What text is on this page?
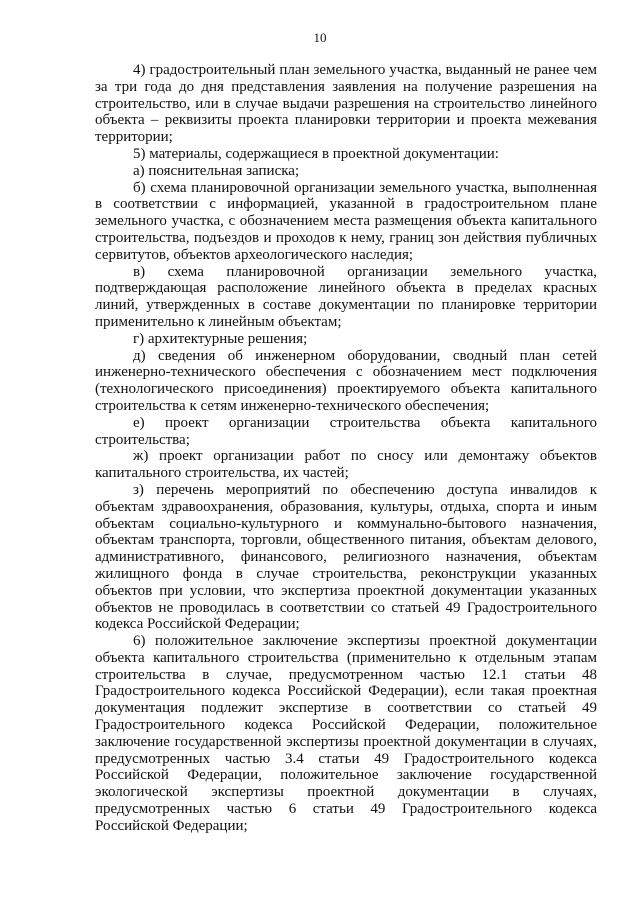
10

4) градостроительный план земельного участка, выданный не ранее чем за три года до дня представления заявления на получение разрешения на строительство, или в случае выдачи разрешения на строительство линейного объекта – реквизиты проекта планировки территории и проекта межевания территории;

5) материалы, содержащиеся в проектной документации:

а) пояснительная записка;

б) схема планировочной организации земельного участка, выполненная в соответствии с информацией, указанной в градостроительном плане земельного участка, с обозначением места размещения объекта капитального строительства, подъездов и проходов к нему, границ зон действия публичных сервитутов, объектов археологического наследия;

в) схема планировочной организации земельного участка, подтверждающая расположение линейного объекта в пределах красных линий, утвержденных в составе документации по планировке территории применительно к линейным объектам;

г) архитектурные решения;

д) сведения об инженерном оборудовании, сводный план сетей инженерно-технического обеспечения с обозначением мест подключения (технологического присоединения) проектируемого объекта капитального строительства к сетям инженерно-технического обеспечения;

е) проект организации строительства объекта капитального строительства;

ж) проект организации работ по сносу или демонтажу объектов капитального строительства, их частей;

з) перечень мероприятий по обеспечению доступа инвалидов к объектам здравоохранения, образования, культуры, отдыха, спорта и иным объектам социально-культурного и коммунально-бытового назначения, объектам транспорта, торговли, общественного питания, объектам делового, административного, финансового, религиозного назначения, объектам жилищного фонда в случае строительства, реконструкции указанных объектов при условии, что экспертиза проектной документации указанных объектов не проводилась в соответствии со статьей 49 Градостроительного кодекса Российской Федерации;

6) положительное заключение экспертизы проектной документации объекта капитального строительства (применительно к отдельным этапам строительства в случае, предусмотренном частью 12.1 статьи 48 Градостроительного кодекса Российской Федерации), если такая проектная документация подлежит экспертизе в соответствии со статьей 49 Градостроительного кодекса Российской Федерации, положительное заключение государственной экспертизы проектной документации в случаях, предусмотренных частью 3.4 статьи 49 Градостроительного кодекса Российской Федерации, положительное заключение государственной экологической экспертизы проектной документации в случаях, предусмотренных частью 6 статьи 49 Градостроительного кодекса Российской Федерации;
